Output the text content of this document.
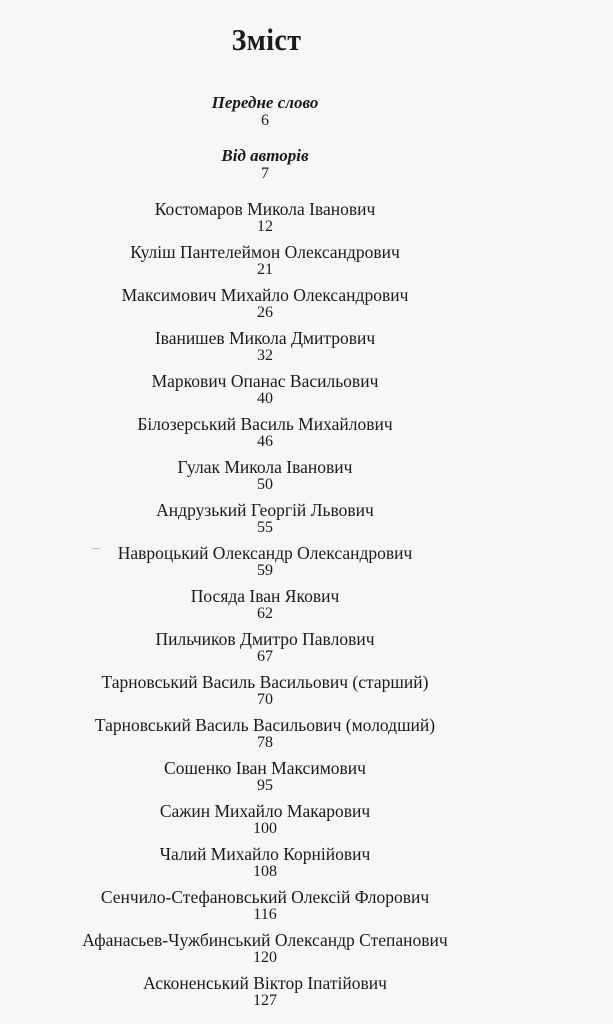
Зміст
Передне слово
6
Від авторів
7
Костомаров Микола Іванович
12
Куліш Пантелеймон Олександрович
21
Максимович Михайло Олександрович
26
Іванишев Микола Дмитрович
32
Маркович Опанас Васильович
40
Білозерський Василь Михайлович
46
Гулак Микола Іванович
50
Андрузький Георгій Львович
55
Навроцький Олександр Олександрович
59
Посяда Іван Якович
62
Пильчиков Дмитро Павлович
67
Тарновський Василь Васильович (старший)
70
Тарновський Василь Васильович (молодший)
78
Сошенко Іван Максимович
95
Сажин Михайло Макарович
100
Чалий Михайло Корнійович
108
Сенчило-Стефановський Олексій Флорович
116
Афанасьев-Чужбинський Олександр Степанович
120
Асконенський Віктор Іпатійович
127
